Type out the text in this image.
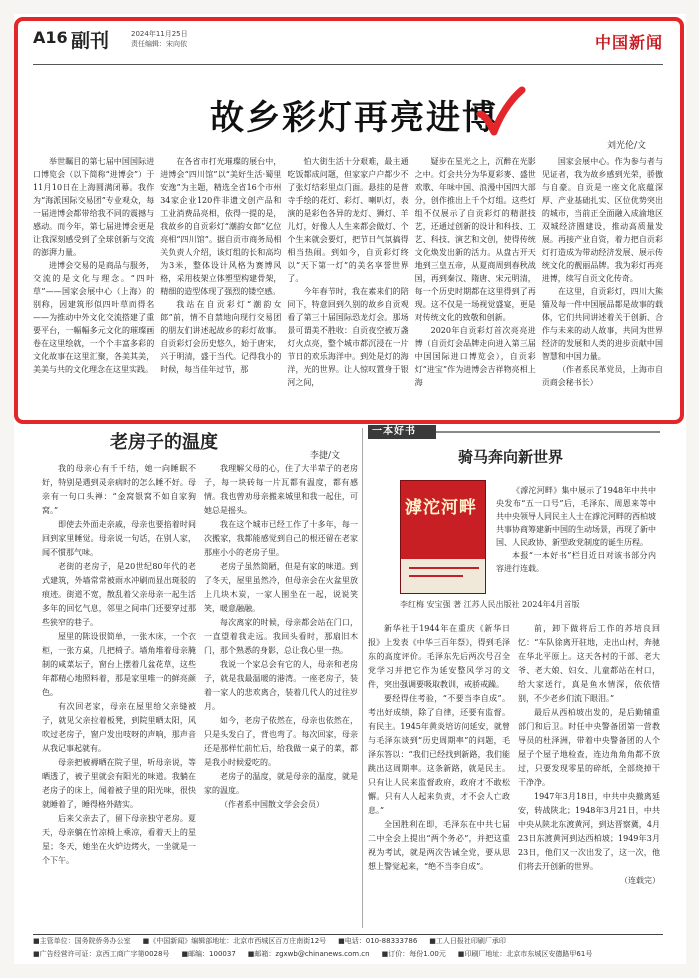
A16 副刊	2024年11月25日
责任编辑：宋向依	中国新闻
故乡彩灯再亮进博
刘光伦/文

举世瞩目的第七届中国国际进口博览会（以下简称“进博会”）于11月10日在上海圆满闭幕。我作为“海派国际交易团”专业观众，每一届进博会都带给我不同的震撼与感动。而今年，第七届进博会更是让我深刻感受到了全球创新与交流的澎湃力量。

进博会交易的是商品与服务，交流的是文化与理念。“四叶草”——国家会展中心（上海）的别称，因建筑形似四叶草而得名——为推动中外文化交流搭建了重要平台，一幅幅多元文化的璀璨画卷在这里绘就，一个个丰富多彩的文化故事在这里汇聚，各美其美，美美与共的文化理念在这里实践。

在各省市打光璀璨的展台中，进博会“四川馆”以“美好生活·蜀里安逸”为主题，精选全省16个市州34家企业120件非遗文创产品和工业消费品亮相，依得一提的是，我故乡的自贡彩灯“潮韵女郎”亿位亮相“四川馆”。据自贡市商务局相关负责人介绍，该灯组的长和高均为3米，整体设计风格为赛博风格，采用枝架立体塑型构建骨架，精细的造型体现了强烈的镂空感。

我站在自贡彩灯“潮韵女郎”前，情不自禁地向现行交易团的朋友们讲述起故乡的彩灯故事。自贡彩灯会历史悠久，始于唐宋，兴于明清，盛于当代。记得我小的时候，每当佳年过节，那

怕大街生活十分艰难，最主通吃饭都成问题，但家家户户都少不了张灯结彩里点门面。悬挂的是普寺手绘的花灯、彩灯、喇叭灯，表演的是彩色各异的龙灯、狮灯、羊儿灯，好像人人生来都会做灯、个个生来就会要灯，把节日气氛搞得相当热闹。到如今，自贡彩灯终以“天下第一灯”的美名享誉世界了。

今年春节时，我在素来们的陪同下，特意回到久别的故乡自贡观看了第三十届国际恐龙灯会。那场景可谓美不胜收：自贡夜空被万盏灯火点亮，整个城市都沉浸在一片节日的欢乐海洋中。到处是灯的海洋，光的世界。让人惊叹置身于银河之间，

疑步在星光之上，沉醉在光影之中。灯会共分为华夏彩麥、盛世欢歌、年味中国、浪漫中国四大部分，创作推出上千个灯组。这些灯组不仅展示了自贡彩灯的精湛技艺，还通过创新的设计和科技、工艺、科技、演艺和文创，使得传统文化焕发出新的活力。从盘古开天地到三皇五帝，从夏商周到春秋战国，再到秦汉、隋唐、宋元明清，每一个历史时期都在这里得到了再现。这不仅是一场视觉盛宴，更是对传统文化的致敬和创新。

2020年自贡彩灯首次亮亮进博（自贡灯会品牌走向进入第三届中国国际进口博览会），自贡彩灯“进宝”作为进博会吉祥物亮相上海

国家会展中心。作为参与者与见证者，我为故乡感到光荣，骄傲与自豪。自贡是一座文化底蕴深厚、产业基础扎实、区位优势突出的城市，当前正全面融入成渝地区双城经济圈建设，推动高质量发展。再接产业自资，着力把自贡彩灯打造成为带动经济发展、展示传统文化的靓丽品牌。我为彩灯再亮进博，续写自贡文化传奇。

在这里，自贡彩灯，四川大熊猫及每一件中国展品都是故事的载体，它们共同讲述着关于创新、合作与未来的动人故事，共同为世界经济的发展和人类的进步贡献中国智慧和中国力量。

（作者系民革党员，上海市自贡商会秘书长）

老房子的温度
李捷/文

我的母亲心有千千结，她一向睡眠不好，特别是遇到灵亲病时的怎么睡不好。母亲有一句口头禅：“金窝银窝不如自家狗窝。”

即使去外面走亲戚，母亲也要掐着时间回到家里睡觉。母亲说一句话，在别人家，闻不惯那气味。

老街的老房子，是20世纪80年代的老式建筑，外墙常常被雨水冲刷而显出斑驳的痕迹。街道不宽，散乱着父亲母亲一起生活多年的回忆气息，邻里之间串门还要穿过那些狭窄的巷子。

屋里的陈设很简单，一张木床，一个衣柜，一张方桌，几把椅子。墙角堆着母亲腌制的咸菜坛子，窗台上摆着几盆花草，这些年都精心地照料着，那是家里唯一的鲜亮颜色。

有次回老家，母亲在屋里给父亲缝被子，就见父亲拉着板凳，到院里晒太阳，风吹过老房子，窗户发出吱呀的声响，那声音从我记事起就有。

母亲把被褥晒在院子里，听母亲说，等晒透了，被子里就会有阳光的味道。我躺在老房子的床上，闻着被子里的阳光味，很快就睡着了，睡得格外踏实。

后来父亲去了，留下母亲独守老房。夏天，母亲躺在竹凉椅上乘凉，看着天上的星星；冬天，她坐在火炉边烤火，一坐就是一个下午。

我理解父母的心，住了大半辈子的老房子，每一块砖每一片瓦都有温度，都有感情。我也曾劝母亲搬来城里和我一起住，可她总是摇头。

我在这个城市已经工作了十多年，每一次搬家，我都能感觉到自己的根还留在老家那座小小的老房子里。

老房子虽然简陋，但是有家的味道。到了冬天，屋里虽然冷，但母亲会在火盆里放上几块木炭，一家人围坐在一起，说说笑笑，暖意融融。

每次离家的时候，母亲都会站在门口，一直望着我走远。我回头看时，那扇旧木门，那个熟悉的身影，总让我心里一热。

我说一个家总会有它的人，母亲和老房子，就是我最温暖的港湾。一座老房子，装着一家人的悲欢离合，装着几代人的过往岁月。

如今，老房子依然在，母亲也依然在，只是头发白了，背也弯了。每次回家，母亲还是那样忙前忙后，给我做一桌子的菜，都是我小时候爱吃的。

老房子的温度，就是母亲的温度，就是家的温度。

（作者系中国散文学会会员）

一本好书
骑马奔向新世界
滹沱河畔

《滹沱河畔》集中展示了1948年中共中央发布“五一口号”后，毛泽东、周恩来等中共中央领导人同民主人士在滹沱河畔的西柏坡共事协商筹建新中国的生动场景，再现了新中国、人民政协、新型政党制度的诞生历程。

本报“一本好书”栏目近日对该书部分内容进行连载。

李红梅 安宝强 著 江苏人民出版社 2024年4月首版

新华社于1944年在重庆《新华日报》上发表《中华三百年祭》，得到毛泽东的高度评价。毛泽东先后两次号召全党学习并把它作为延安整风学习的文件，突出强调要吸取教训，戒骄戒躁。

要经得住考验，“不要当李自成”。考出好成绩，除了自律，还要有监督。有民主。1945年黄炎培访问延安，就曾与毛泽东谈到“历史周期率”的问题，毛泽东答以：“我们已经找到新路，我们能跳出这周期率。这条新路，就是民主。只有让人民来监督政府，政府才不敢松懈。只有人人起来负责，才不会人亡政息。”

全国胜利在即，毛泽东在中共七届二中全会上提出“两个务必”，并把这重视为考试，就是两次告诫全党，要从思想上警觉起来，“绝不当李自成”。

前，卸下做将后工作的苏培良回忆：“车队徐离开驻地，走出山村，奔驰在华北平原上。这天各村的干部、老大爷、老大娘、妇女、儿童都站在村口，给大家送行，真是鱼水情深，依依惜别，不少老乡们流下眼泪。”

最后从西柏坡出发的，是后勤辅重部门和后卫。时任中央警备团第一营教导员的杜泽洲，带着中央警备团的人个屋子个屋子地检查，连边角角角都不放过，只要发现零星的碎纸，全部烧掉干干净净。

1947年3月18日，中共中央撤离延安，转战陕北；1948年3月21日，中共中央从陕北东渡黄河，到达晋察冀，4月23日东渡黄河到达西柏坡；1949年3月23日，他们又一次出发了，这一次，他们将去开创新的世界。

（连载完）

■主管单位：国务院侨务办公室 ■《中国新闻》编辑部地址：北京市西城区百万庄南街12号 ■电话：010-88333786 ■工人日报社印刷厂承印
■广告经营许可证：京西工商广字第0028号 ■邮编：100037 ■邮箱：zgxwb@chinanews.com.cn ■订价：每份1.00元 ■印刷厂地址：北京市东城区安德路甲61号
